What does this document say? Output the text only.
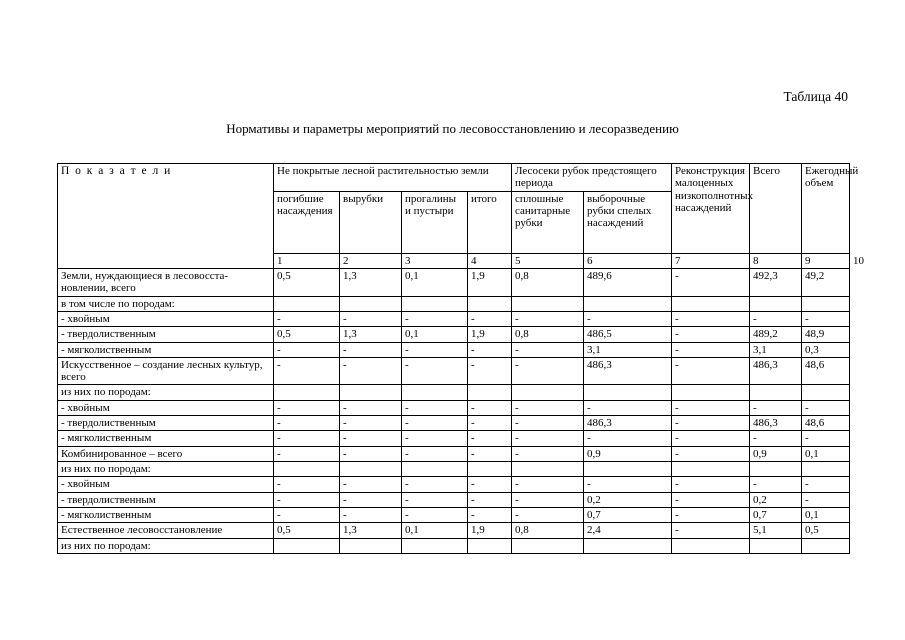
Таблица 40
Нормативы и параметры мероприятий по лесовосстановлению и лесоразведению
П о к а з а т е л и	Не покрытые лесной растительностью земли				Лесосеки рубок предстоящего периода		Реконструкция малоценных низкополнотных насаждений	Всего	Ежегодный объем	
	погибшие насаждения	вырубки	прогалины и пустыри	итого	сплошные санитарные рубки	выборочные рубки спелых насаждений				
	1	2	3	4	5	6	7	8	9	10
Земли, нуждающиеся в лесовосста-новлении, всего	0,5	1,3	0,1	1,9	0,8	489,6	-	492,3	49,2	
в том числе по породам:										
- хвойным	-	-	-	-	-	-	-	-	-	
- твердолиственным	0,5	1,3	0,1	1,9	0,8	486,5	-	489,2	48,9	
- мягколиственным	-	-	-	-	-	3,1	-	3,1	0,3	
Искусственное – создание лесных культур, всего	-	-	-	-	-	486,3	-	486,3	48,6	
из них по породам:										
- хвойным	-	-	-	-	-	-	-	-	-	
- твердолиственным	-	-	-	-	-	486,3	-	486,3	48,6	
- мягколиственным	-	-	-	-	-	-	-	-	-	
Комбинированное – всего	-	-	-	-	-	0,9	-	0,9	0,1	
из них по породам:										
- хвойным	-	-	-	-	-	-	-	-	-	
- твердолиственным	-	-	-	-	-	0,2	-	0,2	-	
- мягколиственным	-	-	-	-	-	0,7	-	0,7	0,1	
Естественное лесовосстановление	0,5	1,3	0,1	1,9	0,8	2,4	-	5,1	0,5	
из них по породам:										
